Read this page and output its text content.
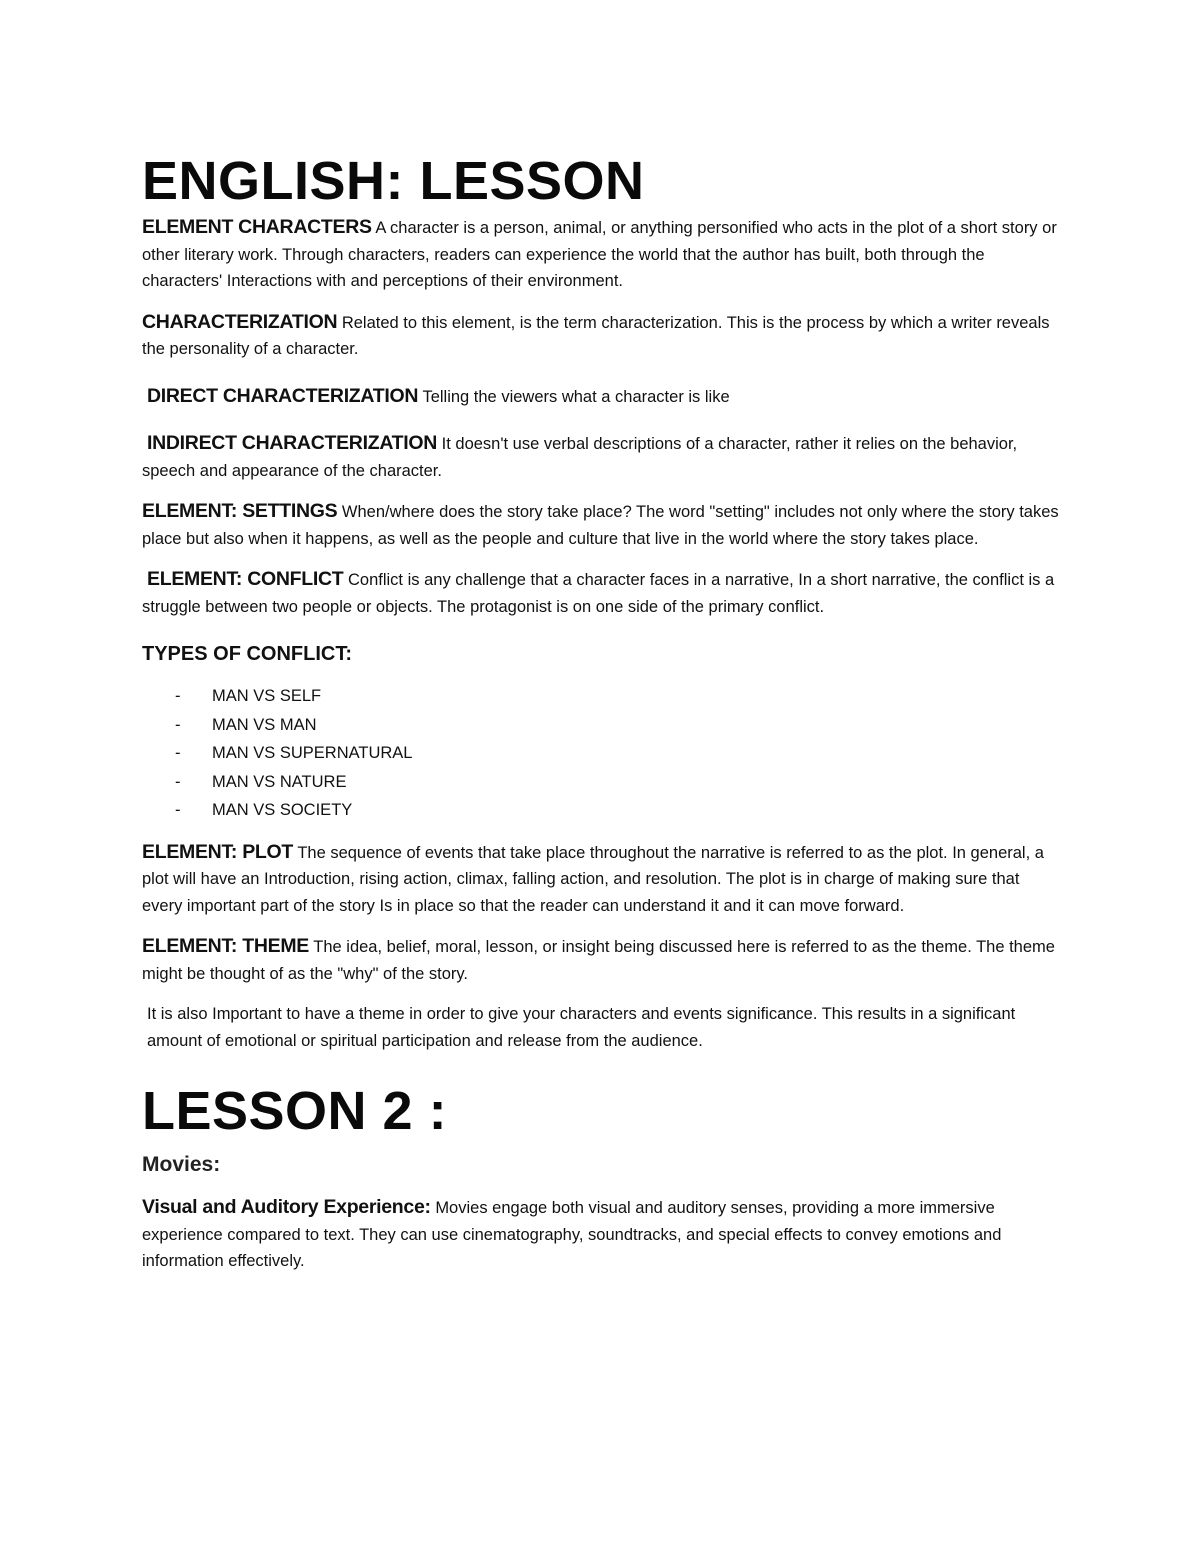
ENGLISH: LESSON

ELEMENT CHARACTERS A character is a person, animal, or anything personified who acts in the plot of a short story or other literary work. Through characters, readers can experience the world that the author has built, both through the characters' Interactions with and perceptions of their environment.

CHARACTERIZATION Related to this element, is the term characterization. This is the process by which a writer reveals the personality of a character.

DIRECT CHARACTERIZATION Telling the viewers what a character is like

INDIRECT CHARACTERIZATION It doesn't use verbal descriptions of a character, rather it relies on the behavior, speech and appearance of the character.

ELEMENT: SETTINGS When/where does the story take place? The word "setting" includes not only where the story takes place but also when it happens, as well as the people and culture that live in the world where the story takes place.

ELEMENT: CONFLICT Conflict is any challenge that a character faces in a narrative, In a short narrative, the conflict is a struggle between two people or objects. The protagonist is on one side of the primary conflict.

TYPES OF CONFLICT:

-	MAN VS SELF
-	MAN VS MAN
-	MAN VS SUPERNATURAL
-	MAN VS NATURE
-	MAN VS SOCIETY

ELEMENT: PLOT The sequence of events that take place throughout the narrative is referred to as the plot. In general, a plot will have an Introduction, rising action, climax, falling action, and resolution. The plot is in charge of making sure that every important part of the story Is in place so that the reader can understand it and it can move forward.

ELEMENT: THEME The idea, belief, moral, lesson, or insight being discussed here is referred to as the theme. The theme might be thought of as the "why" of the story.

It is also Important to have a theme in order to give your characters and events significance. This results in a significant amount of emotional or spiritual participation and release from the audience.

LESSON 2 :

Movies:

Visual and Auditory Experience: Movies engage both visual and auditory senses, providing a more immersive experience compared to text. They can use cinematography, soundtracks, and special effects to convey emotions and information effectively.
